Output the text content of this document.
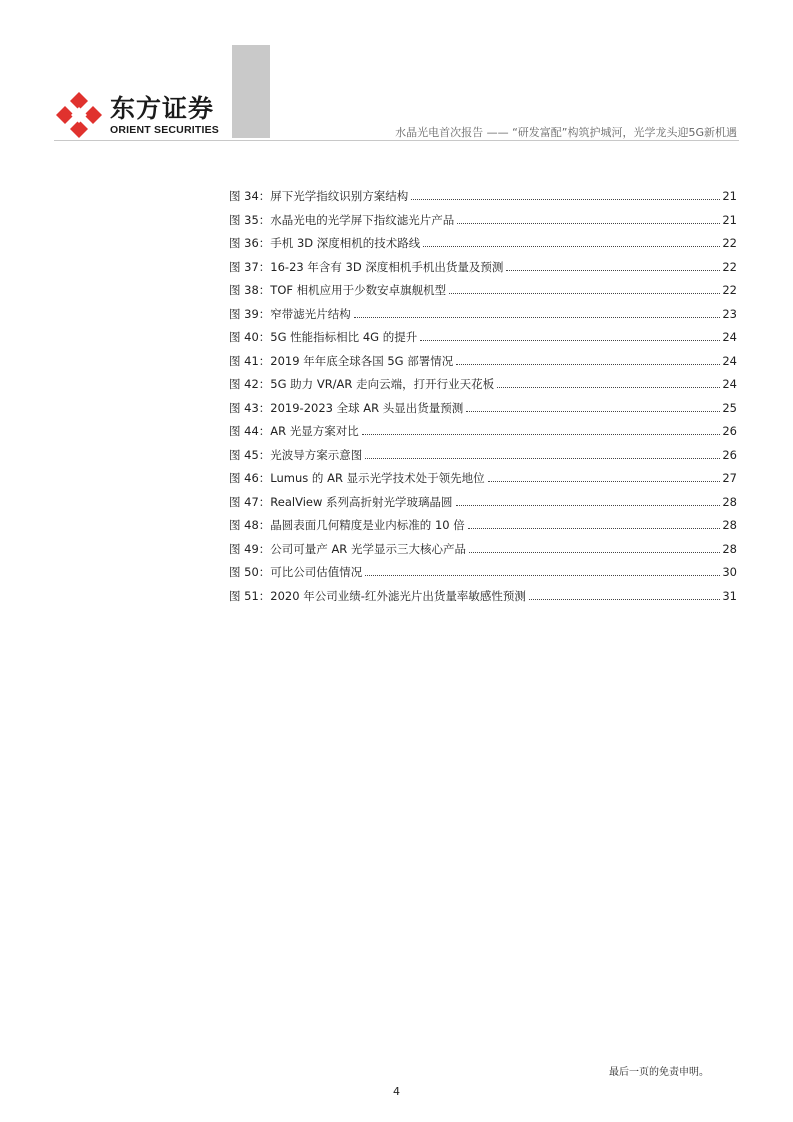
东方证券
ORIENT SECURITIES	水晶光电首次报告 —— “研发富配”构筑护城河，光学龙头迎5G新机遇
图 34：屏下光学指纹识别方案结构	21
图 35：水晶光电的光学屏下指纹滤光片产品	21
图 36：手机 3D 深度相机的技术路线	22
图 37：16-23 年含有 3D 深度相机手机出货量及预测	22
图 38：TOF 相机应用于少数安卓旗舰机型	22
图 39：窄带滤光片结构	23
图 40：5G 性能指标相比 4G 的提升	24
图 41：2019 年年底全球各国 5G 部署情况	24
图 42：5G 助力 VR/AR 走向云端，打开行业天花板	24
图 43：2019-2023 全球 AR 头显出货量预测	25
图 44：AR 光显方案对比	26
图 45：光波导方案示意图	26
图 46：Lumus 的 AR 显示光学技术处于领先地位	27
图 47：RealView 系列高折射光学玻璃晶圆	28
图 48：晶圆表面几何精度是业内标准的 10 倍	28
图 49：公司可量产 AR 光学显示三大核心产品	28
图 50：可比公司估值情况	30
图 51：2020 年公司业绩-红外滤光片出货量率敏感性预测	31
最后一页的免责申明。
4
